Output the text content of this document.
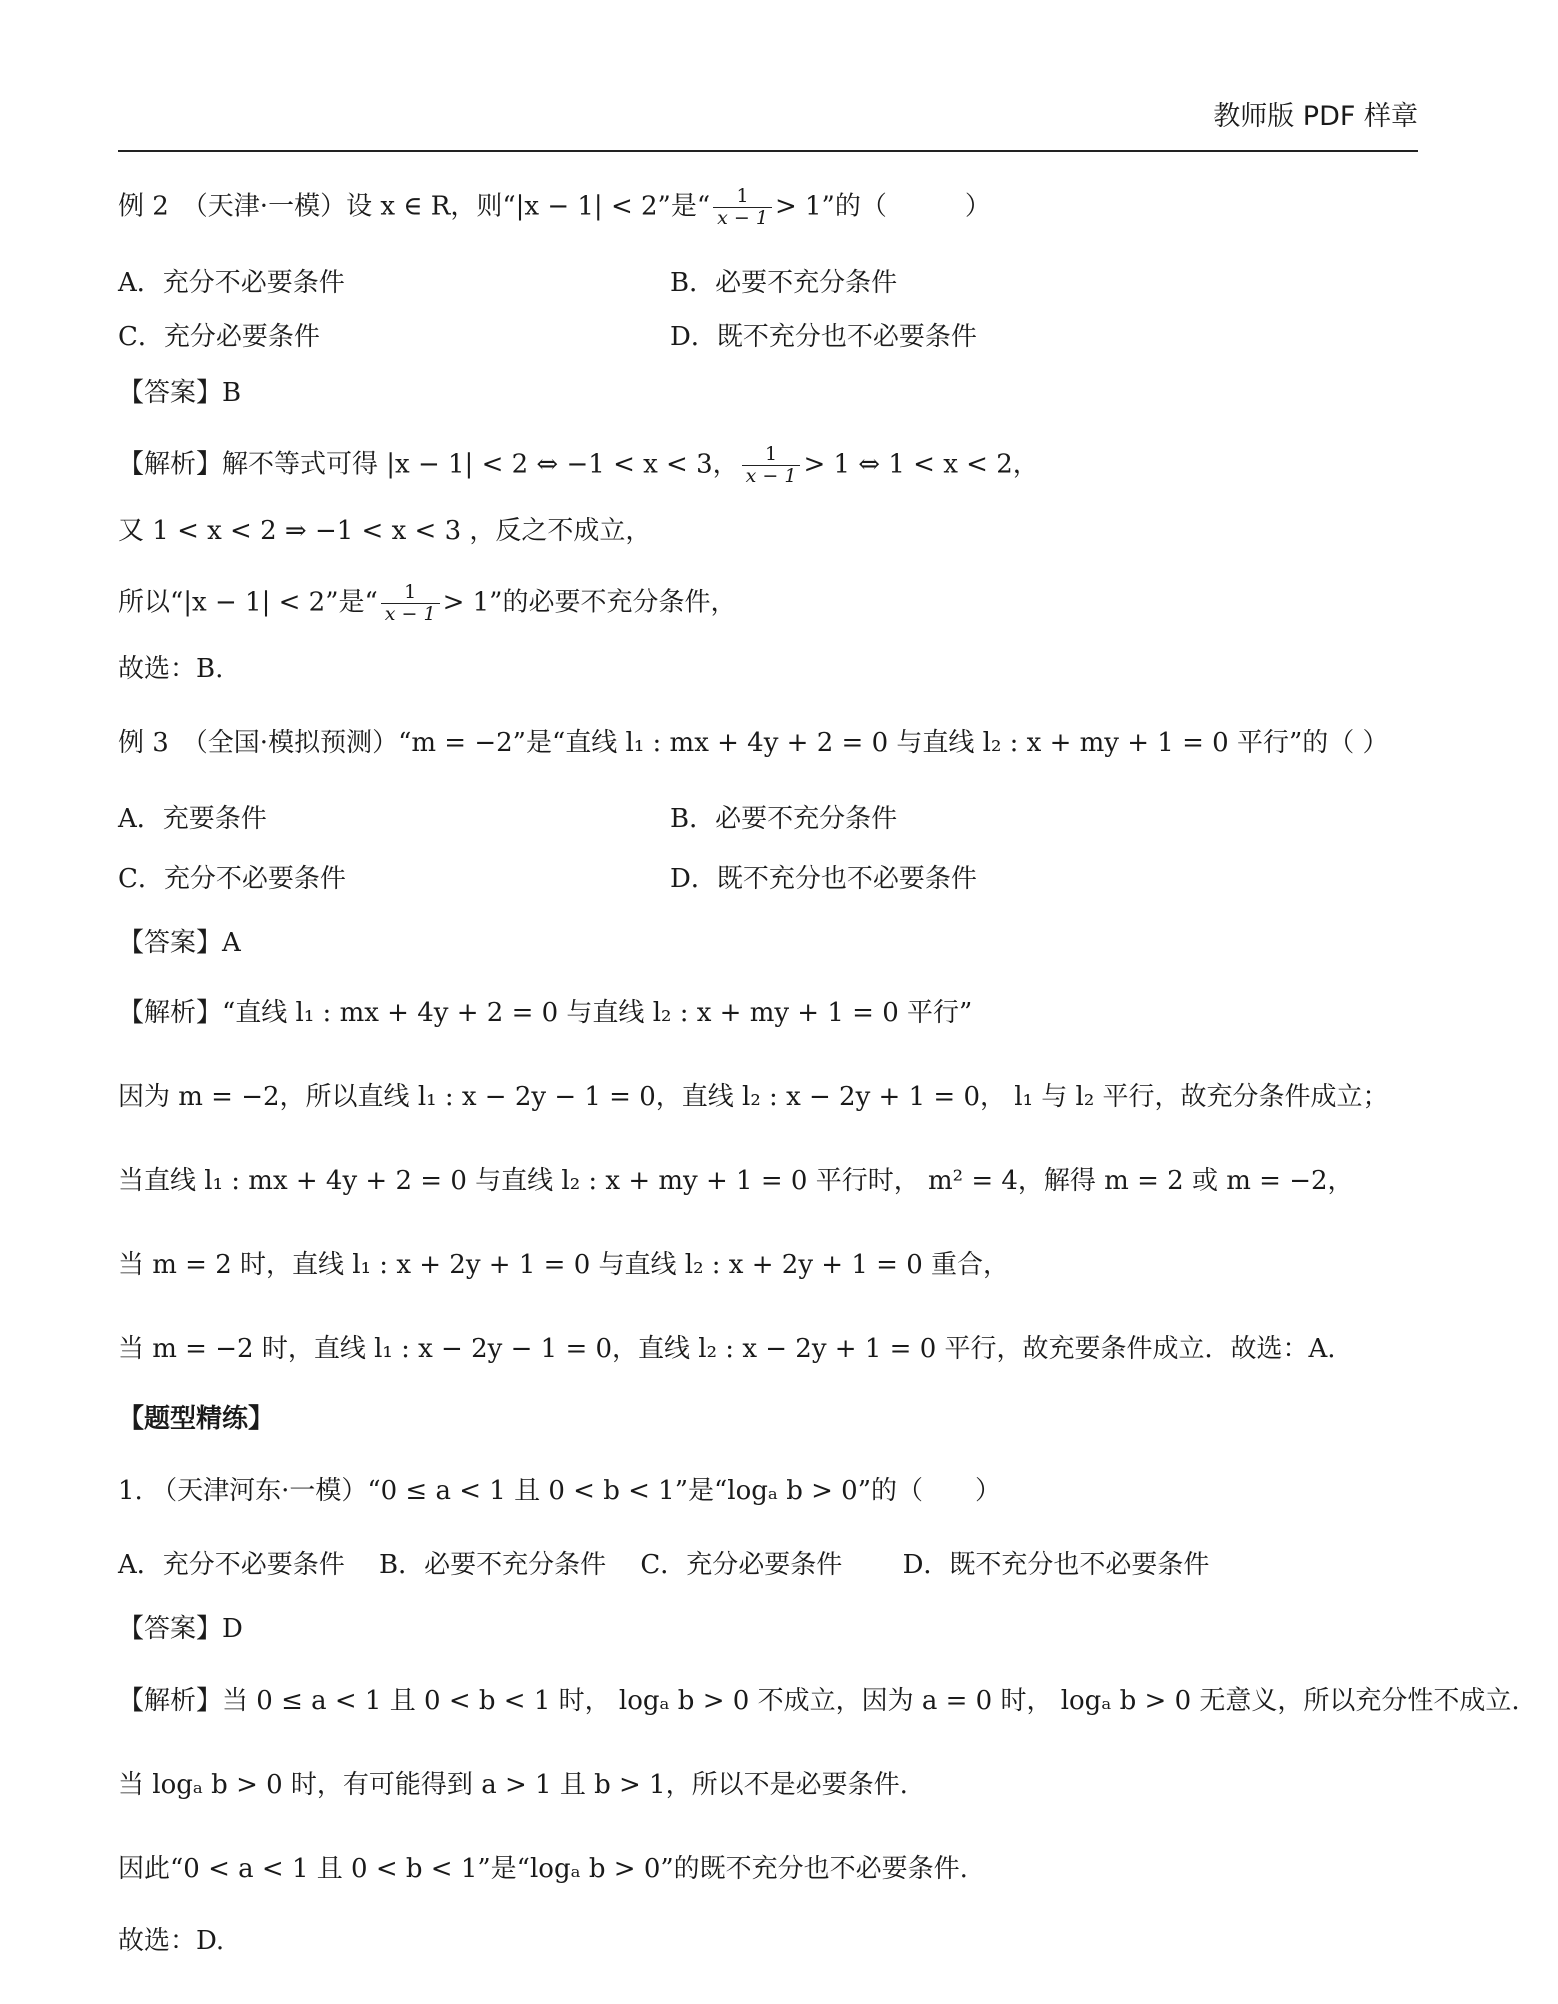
教师版 PDF 样章
例 2　（天津·一模）设 x ∈ R，则“|x − 1| < 2”是“ $\frac{1}{x - 1} > 1$”的（　　　）
A．充分不必要条件	B．必要不充分条件
C．充分必要条件	D．既不充分也不必要条件
【答案】B
【解析】解不等式可得 |x − 1| < 2 ⇔ −1 < x < 3， $\frac{1}{x - 1} > 1$ ⇔ 1 < x < 2，
又 1 < x < 2 ⇒ −1 < x < 3 ，反之不成立，
所以“|x − 1| < 2”是“ $\frac{1}{x - 1} > 1$”的必要不充分条件，
故选：B.
例 3　（全国·模拟预测）“m = −2”是“直线 l₁ : mx + 4y + 2 = 0 与直线 l₂ : x + my + 1 = 0 平行”的（ ）
A．充要条件	B．必要不充分条件
C．充分不必要条件	D．既不充分也不必要条件
【答案】A
【解析】“直线 l₁ : mx + 4y + 2 = 0 与直线 l₂ : x + my + 1 = 0 平行”
因为 m = −2，所以直线 l₁ : x − 2y − 1 = 0，直线 l₂ : x − 2y + 1 = 0， l₁ 与 l₂ 平行，故充分条件成立；
当直线 l₁ : mx + 4y + 2 = 0 与直线 l₂ : x + my + 1 = 0 平行时， m² = 4，解得 m = 2 或 m = −2，
当 m = 2 时，直线 l₁ : x + 2y + 1 = 0 与直线 l₂ : x + 2y + 1 = 0 重合，
当 m = −2 时，直线 l₁ : x − 2y − 1 = 0，直线 l₂ : x − 2y + 1 = 0 平行，故充要条件成立．故选：A.
【题型精练】
1. （天津河东·一模）“0 ≤ a < 1 且 0 < b < 1”是“logₐ b > 0”的（　　）
A．充分不必要条件　 B．必要不充分条件　 C．充分必要条件　　 D．既不充分也不必要条件
【答案】D
【解析】当 0 ≤ a < 1 且 0 < b < 1 时， logₐ b > 0 不成立，因为 a = 0 时， logₐ b > 0 无意义，所以充分性不成立.
当 logₐ b > 0 时，有可能得到 a > 1 且 b > 1，所以不是必要条件.
因此“0 < a < 1 且 0 < b < 1”是“logₐ b > 0”的既不充分也不必要条件.
故选：D.
